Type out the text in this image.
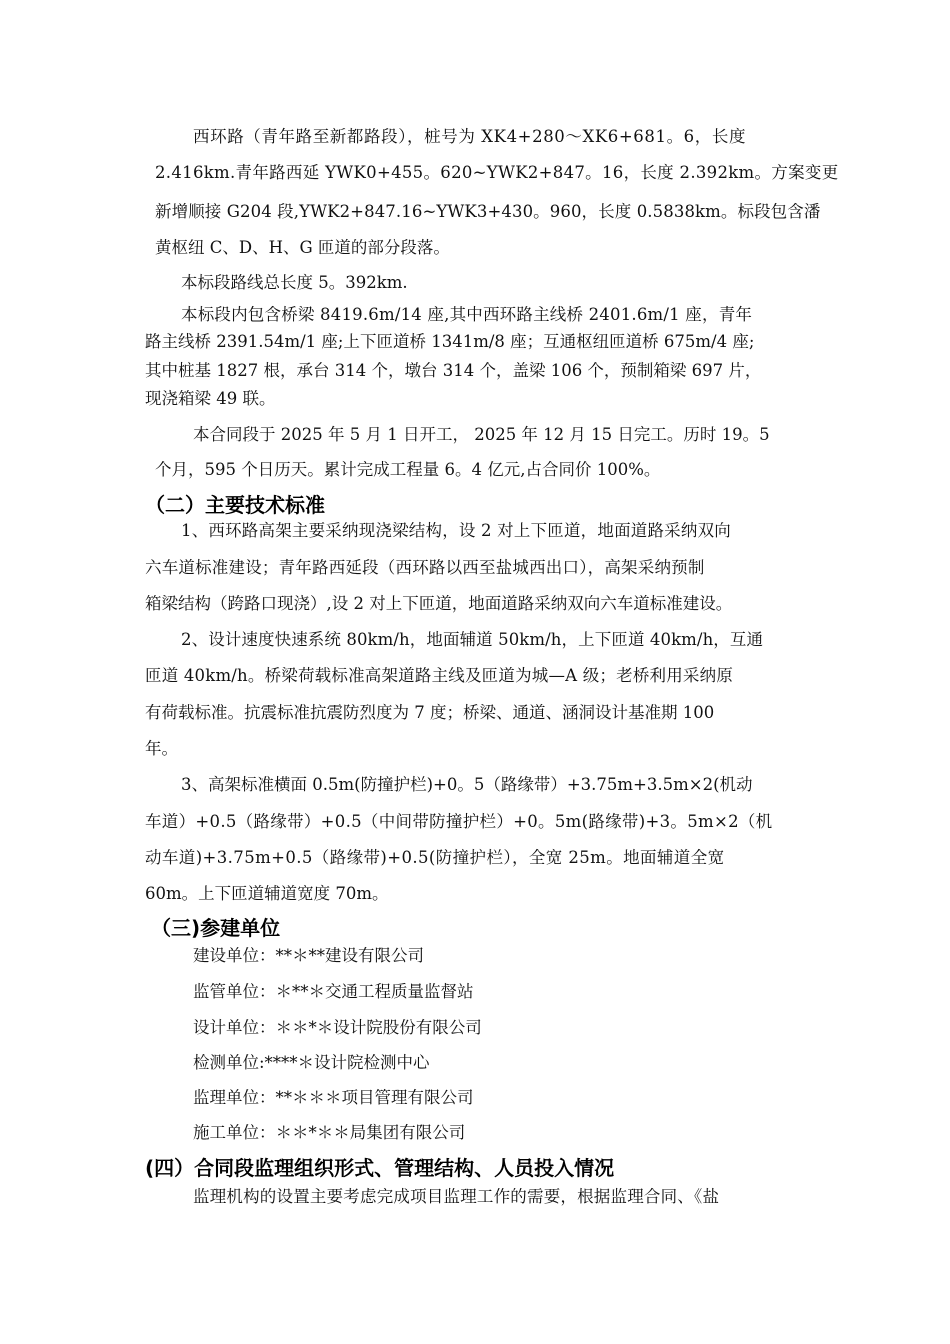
西环路（青年路至新都路段），桩号为 XK4+280～XK6+681。6，长度
2.416km.青年路西延 YWK0+455。620~YWK2+847。16，长度 2.392km。方案变更
新增顺接 G204 段,YWK2+847.16~YWK3+430。960，长度 0.5838km。标段包含潘
黄枢纽 C、D、H、G 匝道的部分段落。
本标段路线总长度 5。392km.
本标段内包含桥梁 8419.6m/14 座,其中西环路主线桥 2401.6m/1 座，青年
路主线桥 2391.54m/1 座;上下匝道桥 1341m/8 座；互通枢纽匝道桥 675m/4 座;
其中桩基 1827 根，承台 314 个，墩台 314 个，盖梁 106 个，预制箱梁 697 片，
现浇箱梁 49 联。
本合同段于 2025 年 5 月 1 日开工， 2025 年 12 月 15 日完工。历时 19。5
个月，595 个日历天。累计完成工程量 6。4 亿元,占合同价 100%。
（二）主要技术标准
1、西环路高架主要采纳现浇梁结构，设 2 对上下匝道，地面道路采纳双向
六车道标准建设；青年路西延段（西环路以西至盐城西出口），高架采纳预制
箱梁结构（跨路口现浇）,设 2 对上下匝道，地面道路采纳双向六车道标准建设。
2、设计速度快速系统 80km/h，地面辅道 50km/h，上下匝道 40km/h，互通
匝道 40km/h。桥梁荷载标准高架道路主线及匝道为城—A 级；老桥利用采纳原
有荷载标准。抗震标准抗震防烈度为 7 度；桥梁、通道、涵洞设计基准期 100
年。
3、高架标准横面 0.5m(防撞护栏)+0。5（路缘带）+3.75m+3.5m×2(机动
车道）+0.5（路缘带）+0.5（中间带防撞护栏）+0。5m(路缘带)+3。5m×2（机
动车道)+3.75m+0.5（路缘带)+0.5(防撞护栏），全宽 25m。地面辅道全宽
60m。上下匝道辅道宽度 70m。
（三)参建单位
建设单位：**＊**建设有限公司
监管单位：＊**＊交通工程质量监督站
设计单位：＊＊*＊设计院股份有限公司
检测单位:****＊设计院检测中心
监理单位：**＊＊＊项目管理有限公司
施工单位：＊＊*＊＊局集团有限公司
(四）合同段监理组织形式、管理结构、人员投入情况
监理机构的设置主要考虑完成项目监理工作的需要，根据监理合同、《盐
